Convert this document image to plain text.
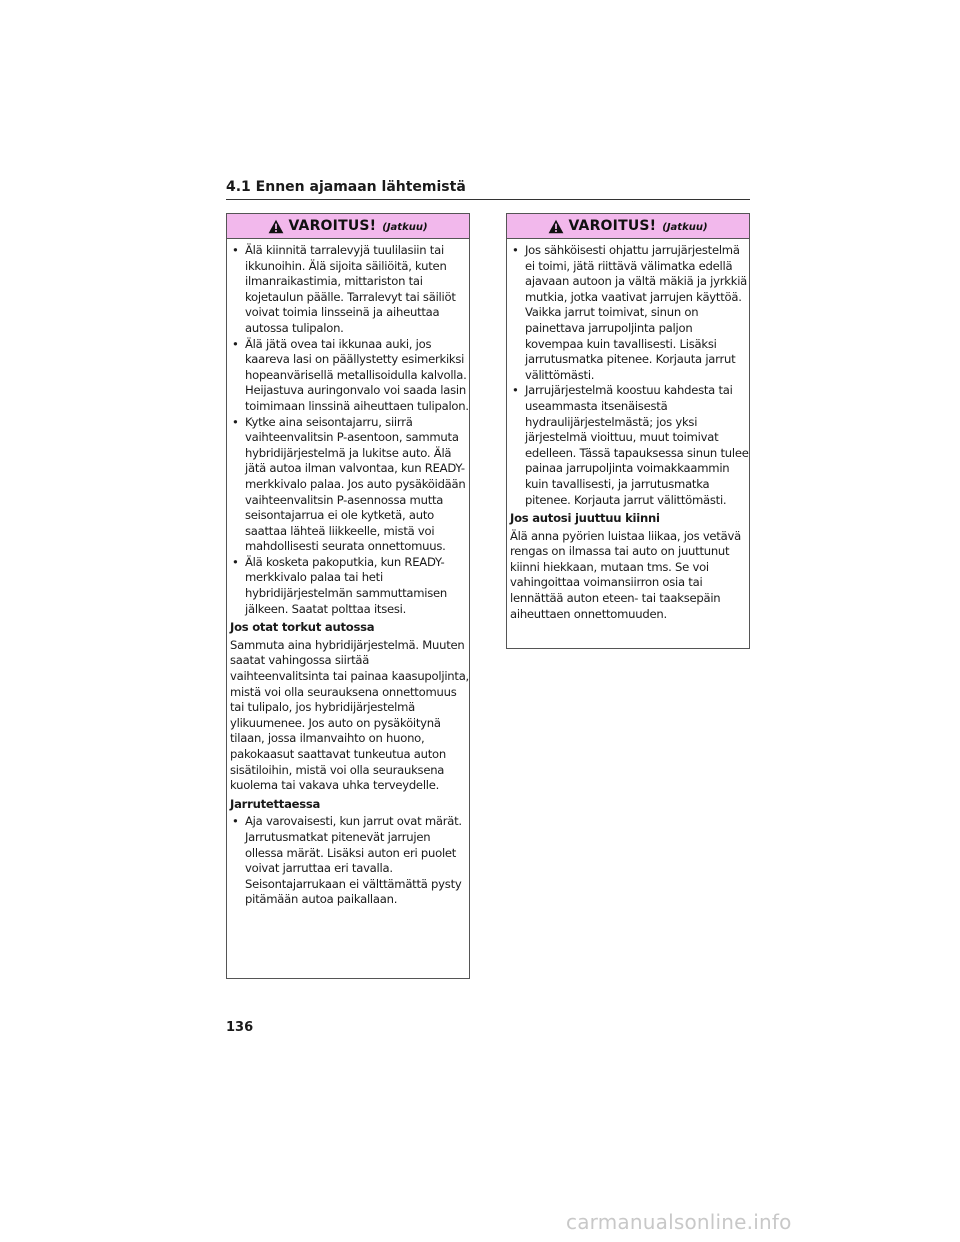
4.1 Ennen ajamaan lähtemistä
VAROITUS! (Jatkuu)
• Älä kiinnitä tarralevyjä tuulilasiin tai ikkunoihin. Älä sijoita säiliöitä, kuten ilmanraikastimia, mittariston tai kojetaulun päälle. Tarralevyt tai säiliöt voivat toimia linsseinä ja aiheuttaa autossa tulipalon.
• Älä jätä ovea tai ikkunaa auki, jos kaareva lasi on päällystetty esimerkiksi hopeanvärisellä metallisoidulla kalvolla. Heijastuva auringonvalo voi saada lasin toimimaan linssinä aiheuttaen tulipalon.
• Kytke aina seisontajarru, siirrä vaihteenvalitsin P-asentoon, sammuta hybridijärjestelmä ja lukitse auto. Älä jätä autoa ilman valvontaa, kun READY-merkkivalo palaa. Jos auto pysäköidään vaihteenvalitsin P-asennossa mutta seisontajarrua ei ole kytketä, auto saattaa lähteä liikkeelle, mistä voi mahdollisesti seurata onnettomuus.
• Älä kosketa pakoputkia, kun READY-merkkivalo palaa tai heti hybridijärjestelmän sammuttamisen jälkeen. Saatat polttaa itsesi.
Jos otat torkut autossa

Sammuta aina hybridijärjestelmä. Muuten saatat vahingossa siirtää vaihteenvalitsinta tai painaa kaasupoljinta, mistä voi olla seurauksena onnettomuus tai tulipalo, jos hybridijärjestelmä ylikuumenee. Jos auto on pysäköitynä tilaan, jossa ilmanvaihto on huono, pakokaasut saattavat tunkeutua auton sisätiloihin, mistä voi olla seurauksena kuolema tai vakava uhka terveydelle.

Jarrutettaessa
• Aja varovaisesti, kun jarrut ovat märät. Jarrutusmatkat pitenevät jarrujen ollessa märät. Lisäksi auton eri puolet voivat jarruttaa eri tavalla. Seisontajarrukaan ei välttämättä pysty pitämään autoa paikallaan.
VAROITUS! (Jatkuu)
• Jos sähköisesti ohjattu jarrujärjestelmä ei toimi, jätä riittävä välimatka edellä ajavaan autoon ja vältä mäkiä ja jyrkkiä mutkia, jotka vaativat jarrujen käyttöä. Vaikka jarrut toimivat, sinun on painettava jarrupoljinta paljon kovempaa kuin tavallisesti. Lisäksi jarrutusmatka pitenee. Korjauta jarrut välittömästi.
• Jarrujärjestelmä koostuu kahdesta tai useammasta itsenäisestä hydraulijärjestelmästä; jos yksi järjestelmä vioittuu, muut toimivat edelleen. Tässä tapauksessa sinun tulee painaa jarrupoljinta voimakkaammin kuin tavallisesti, ja jarrutusmatka pitenee. Korjauta jarrut välittömästi.
Jos autosi juuttuu kiinni

Älä anna pyörien luistaa liikaa, jos vetävä rengas on ilmassa tai auto on juuttunut kiinni hiekkaan, mutaan tms. Se voi vahingoittaa voimansiirron osia tai lennättää auton eteen- tai taaksepäin aiheuttaen onnettomuuden.

136
carmanualsonline.info
